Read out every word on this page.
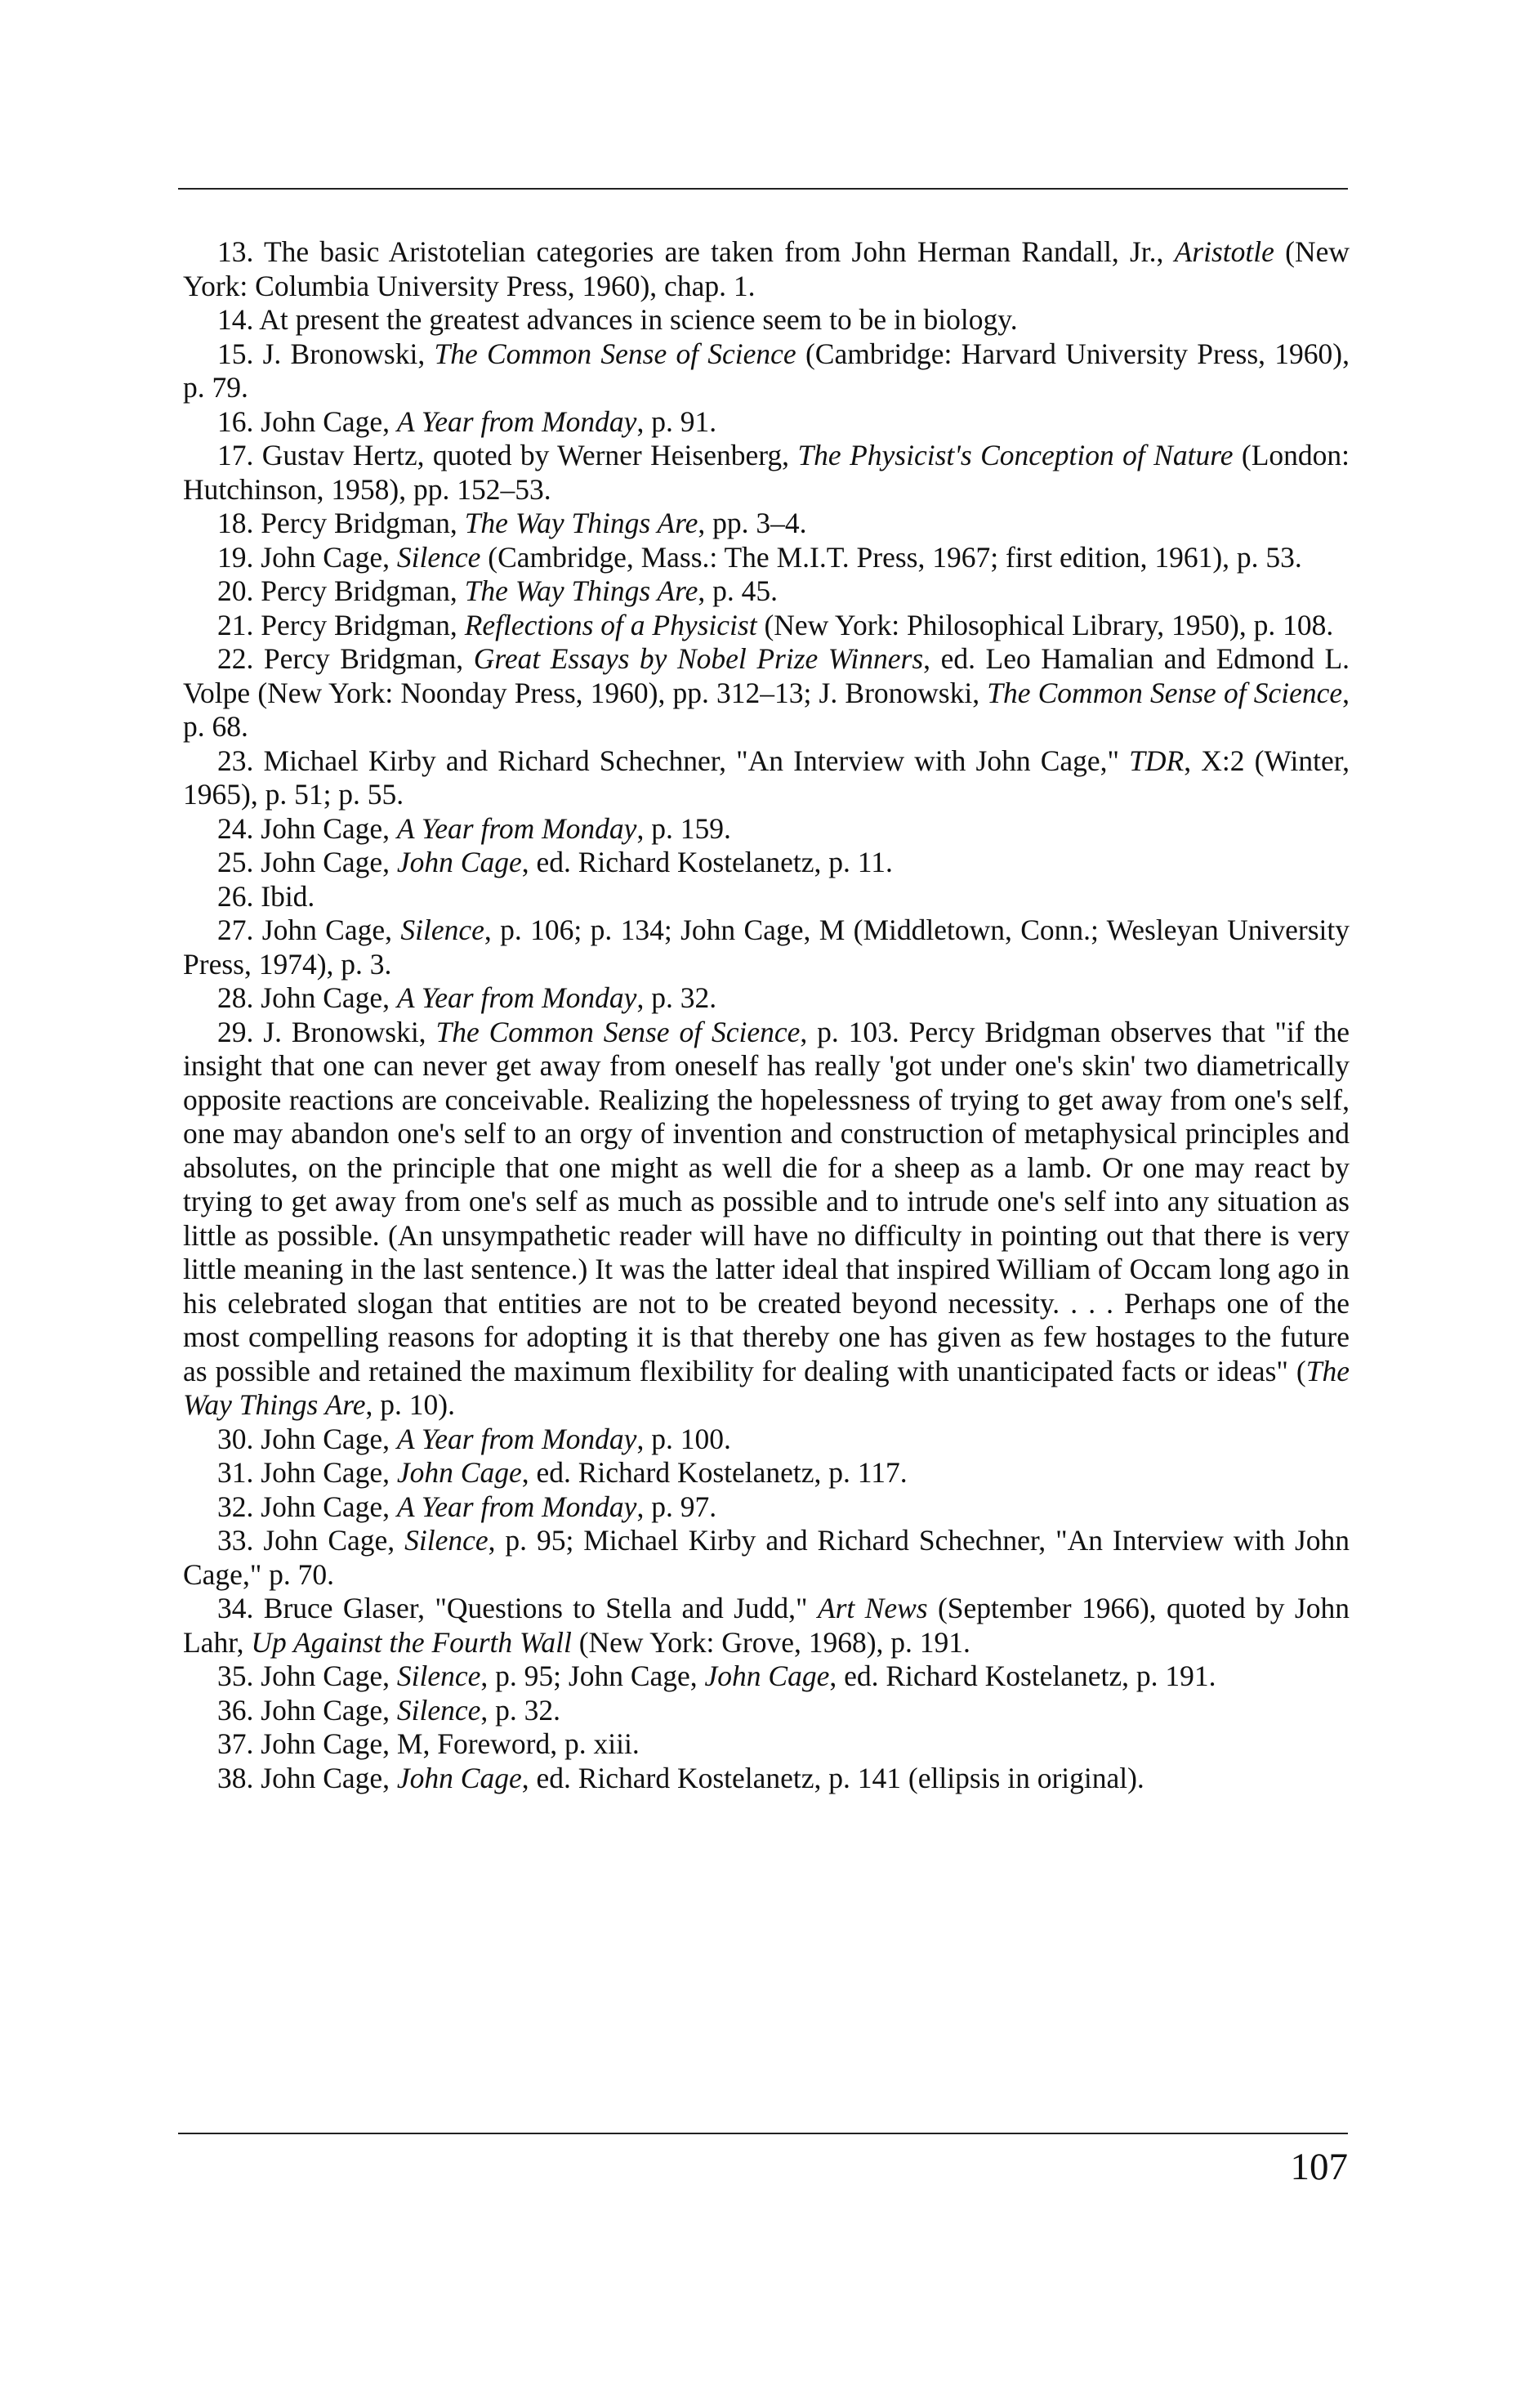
13. The basic Aristotelian categories are taken from John Herman Randall, Jr., Aristotle (New York: Columbia University Press, 1960), chap. 1.

14. At present the greatest advances in science seem to be in biology.

15. J. Bronowski, The Common Sense of Science (Cambridge: Harvard University Press, 1960), p. 79.

16. John Cage, A Year from Monday, p. 91.

17. Gustav Hertz, quoted by Werner Heisenberg, The Physicist's Conception of Nature (London: Hutchinson, 1958), pp. 152–53.

18. Percy Bridgman, The Way Things Are, pp. 3–4.

19. John Cage, Silence (Cambridge, Mass.: The M.I.T. Press, 1967; first edition, 1961), p. 53.

20. Percy Bridgman, The Way Things Are, p. 45.

21. Percy Bridgman, Reflections of a Physicist (New York: Philosophical Library, 1950), p. 108.

22. Percy Bridgman, Great Essays by Nobel Prize Winners, ed. Leo Hamalian and Edmond L. Volpe (New York: Noonday Press, 1960), pp. 312–13; J. Bronowski, The Common Sense of Science, p. 68.

23. Michael Kirby and Richard Schechner, "An Interview with John Cage," TDR, X:2 (Winter, 1965), p. 51; p. 55.

24. John Cage, A Year from Monday, p. 159.

25. John Cage, John Cage, ed. Richard Kostelanetz, p. 11.

26. Ibid.

27. John Cage, Silence, p. 106; p. 134; John Cage, M (Middletown, Conn.; Wesleyan University Press, 1974), p. 3.

28. John Cage, A Year from Monday, p. 32.

29. J. Bronowski, The Common Sense of Science, p. 103. Percy Bridgman observes that "if the insight that one can never get away from oneself has really 'got under one's skin' two diametrically opposite reactions are conceivable. Realizing the hopelessness of trying to get away from one's self, one may abandon one's self to an orgy of invention and construction of metaphysical principles and absolutes, on the principle that one might as well die for a sheep as a lamb. Or one may react by trying to get away from one's self as much as possible and to intrude one's self into any situation as little as possible. (An unsympathetic reader will have no difficulty in pointing out that there is very little meaning in the last sentence.) It was the latter ideal that inspired William of Occam long ago in his celebrated slogan that entities are not to be created beyond necessity. . . . Perhaps one of the most compelling reasons for adopting it is that thereby one has given as few hostages to the future as possible and retained the maximum flexibility for dealing with unanticipated facts or ideas" (The Way Things Are, p. 10).

30. John Cage, A Year from Monday, p. 100.

31. John Cage, John Cage, ed. Richard Kostelanetz, p. 117.

32. John Cage, A Year from Monday, p. 97.

33. John Cage, Silence, p. 95; Michael Kirby and Richard Schechner, "An Interview with John Cage," p. 70.

34. Bruce Glaser, "Questions to Stella and Judd," Art News (September 1966), quoted by John Lahr, Up Against the Fourth Wall (New York: Grove, 1968), p. 191.

35. John Cage, Silence, p. 95; John Cage, John Cage, ed. Richard Kostelanetz, p. 191.

36. John Cage, Silence, p. 32.

37. John Cage, M, Foreword, p. xiii.

38. John Cage, John Cage, ed. Richard Kostelanetz, p. 141 (ellipsis in original).

107
